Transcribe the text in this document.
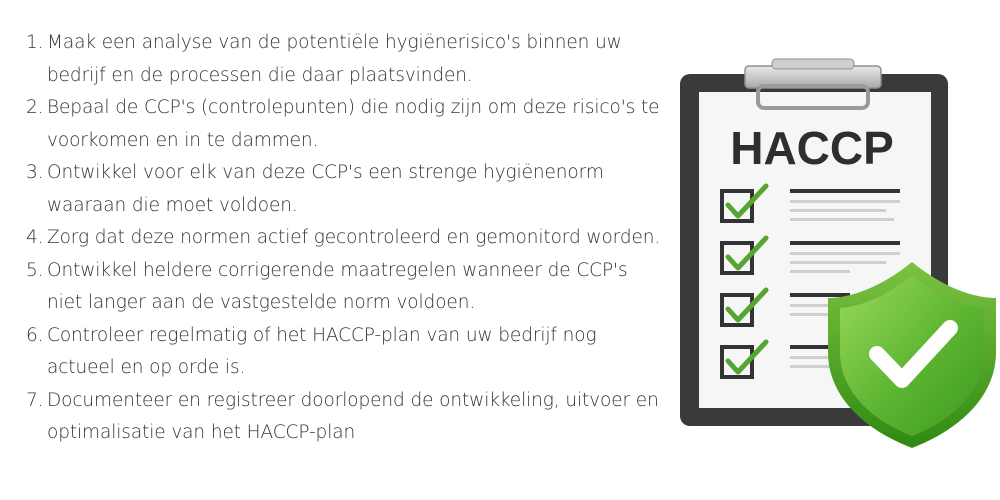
1. Maak een analyse van de potentiële hygiënerisico's binnen uw
bedrijf en de processen die daar plaatsvinden.
2. Bepaal de CCP's (controlepunten) die nodig zijn om deze risico's te
voorkomen en in te dammen.
3. Ontwikkel voor elk van deze CCP's een strenge hygiënenorm
waaraan die moet voldoen.
4. Zorg dat deze normen actief gecontroleerd en gemonitord worden.
5. Ontwikkel heldere corrigerende maatregelen wanneer de CCP's
niet langer aan de vastgestelde norm voldoen.
6. Controleer regelmatig of het HACCP-plan van uw bedrijf nog
actueel en op orde is.
7. Documenteer en registreer doorlopend de ontwikkeling, uitvoer en
optimalisatie van het HACCP-plan
HACCP
